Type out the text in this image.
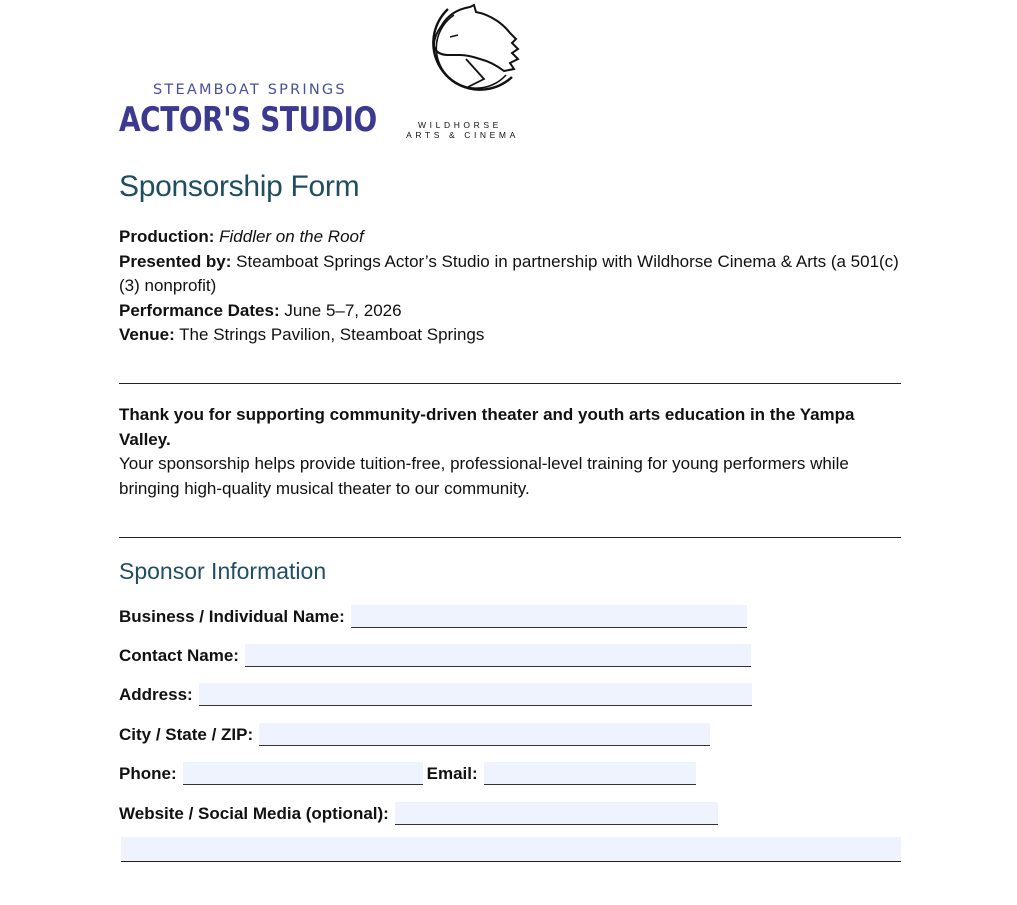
STEAMBOAT SPRINGS

ACTOR'S STUDIO	WILDHORSE

ARTS & CINEMA

Sponsorship Form

Production: Fiddler on the Roof

Presented by: Steamboat Springs Actor’s Studio in partnership with Wildhorse Cinema & Arts (a 501(c)(3) nonprofit)

Performance Dates: June 5–7, 2026

Venue: The Strings Pavilion, Steamboat Springs

Thank you for supporting community-driven theater and youth arts education in the Yampa Valley.

Your sponsorship helps provide tuition-free, professional-level training for young performers while bringing high-quality musical theater to our community.

Sponsor Information
Business / Individual Name:
Contact Name:
Address:
City / State / ZIP:
Phone:	Email:
Website / Social Media (optional):
